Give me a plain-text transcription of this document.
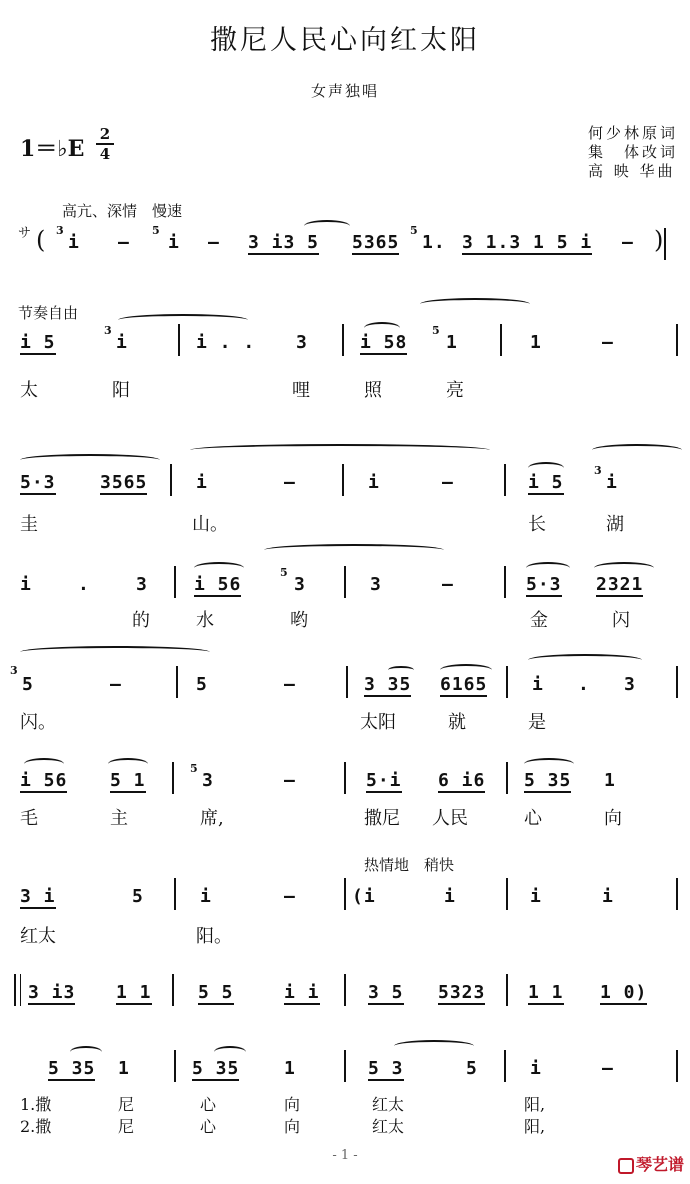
撒尼人民心向红太阳
女声独唱
1＝♭E
2
4
何少林原词
集　体改词
高 映 华曲
高亢、深情　慢速
サ ( 3
i –
5
i – 3 i3 5 5365
5
1. 3 1.3 1 5 i – )
节奏自由
i 5
3
i	i . . 3	i 58
5
1	1	–
太	阳	哩	照	亮
5·3 3565	i	–	i	–	i 5
3
i
圭	山。	长	湖
i	.	3	i 56
5
3	3	–	5·3 2321
的	水	哟	金	闪
3
5	–	5	–	3 35 6165 i . 3
闪。	太阳	就	是
i 56 5 1
5
3	–	5·i 6 i6 5 35 1
毛	主	席,	撒尼 人民	心	向
热情地　稍快
3 i	5	i	–	(i	i	i	i
红太	阳。
3 i3 1 1	5 5	i i	3 5 5323 1 1 1 0)
5 35 1	5 35 1	5 3	5	i	–
1.撒	尼	心	向	红太	阳,
2.撒	尼	心	向	红太	阳,
- 1 -	琴艺谱
